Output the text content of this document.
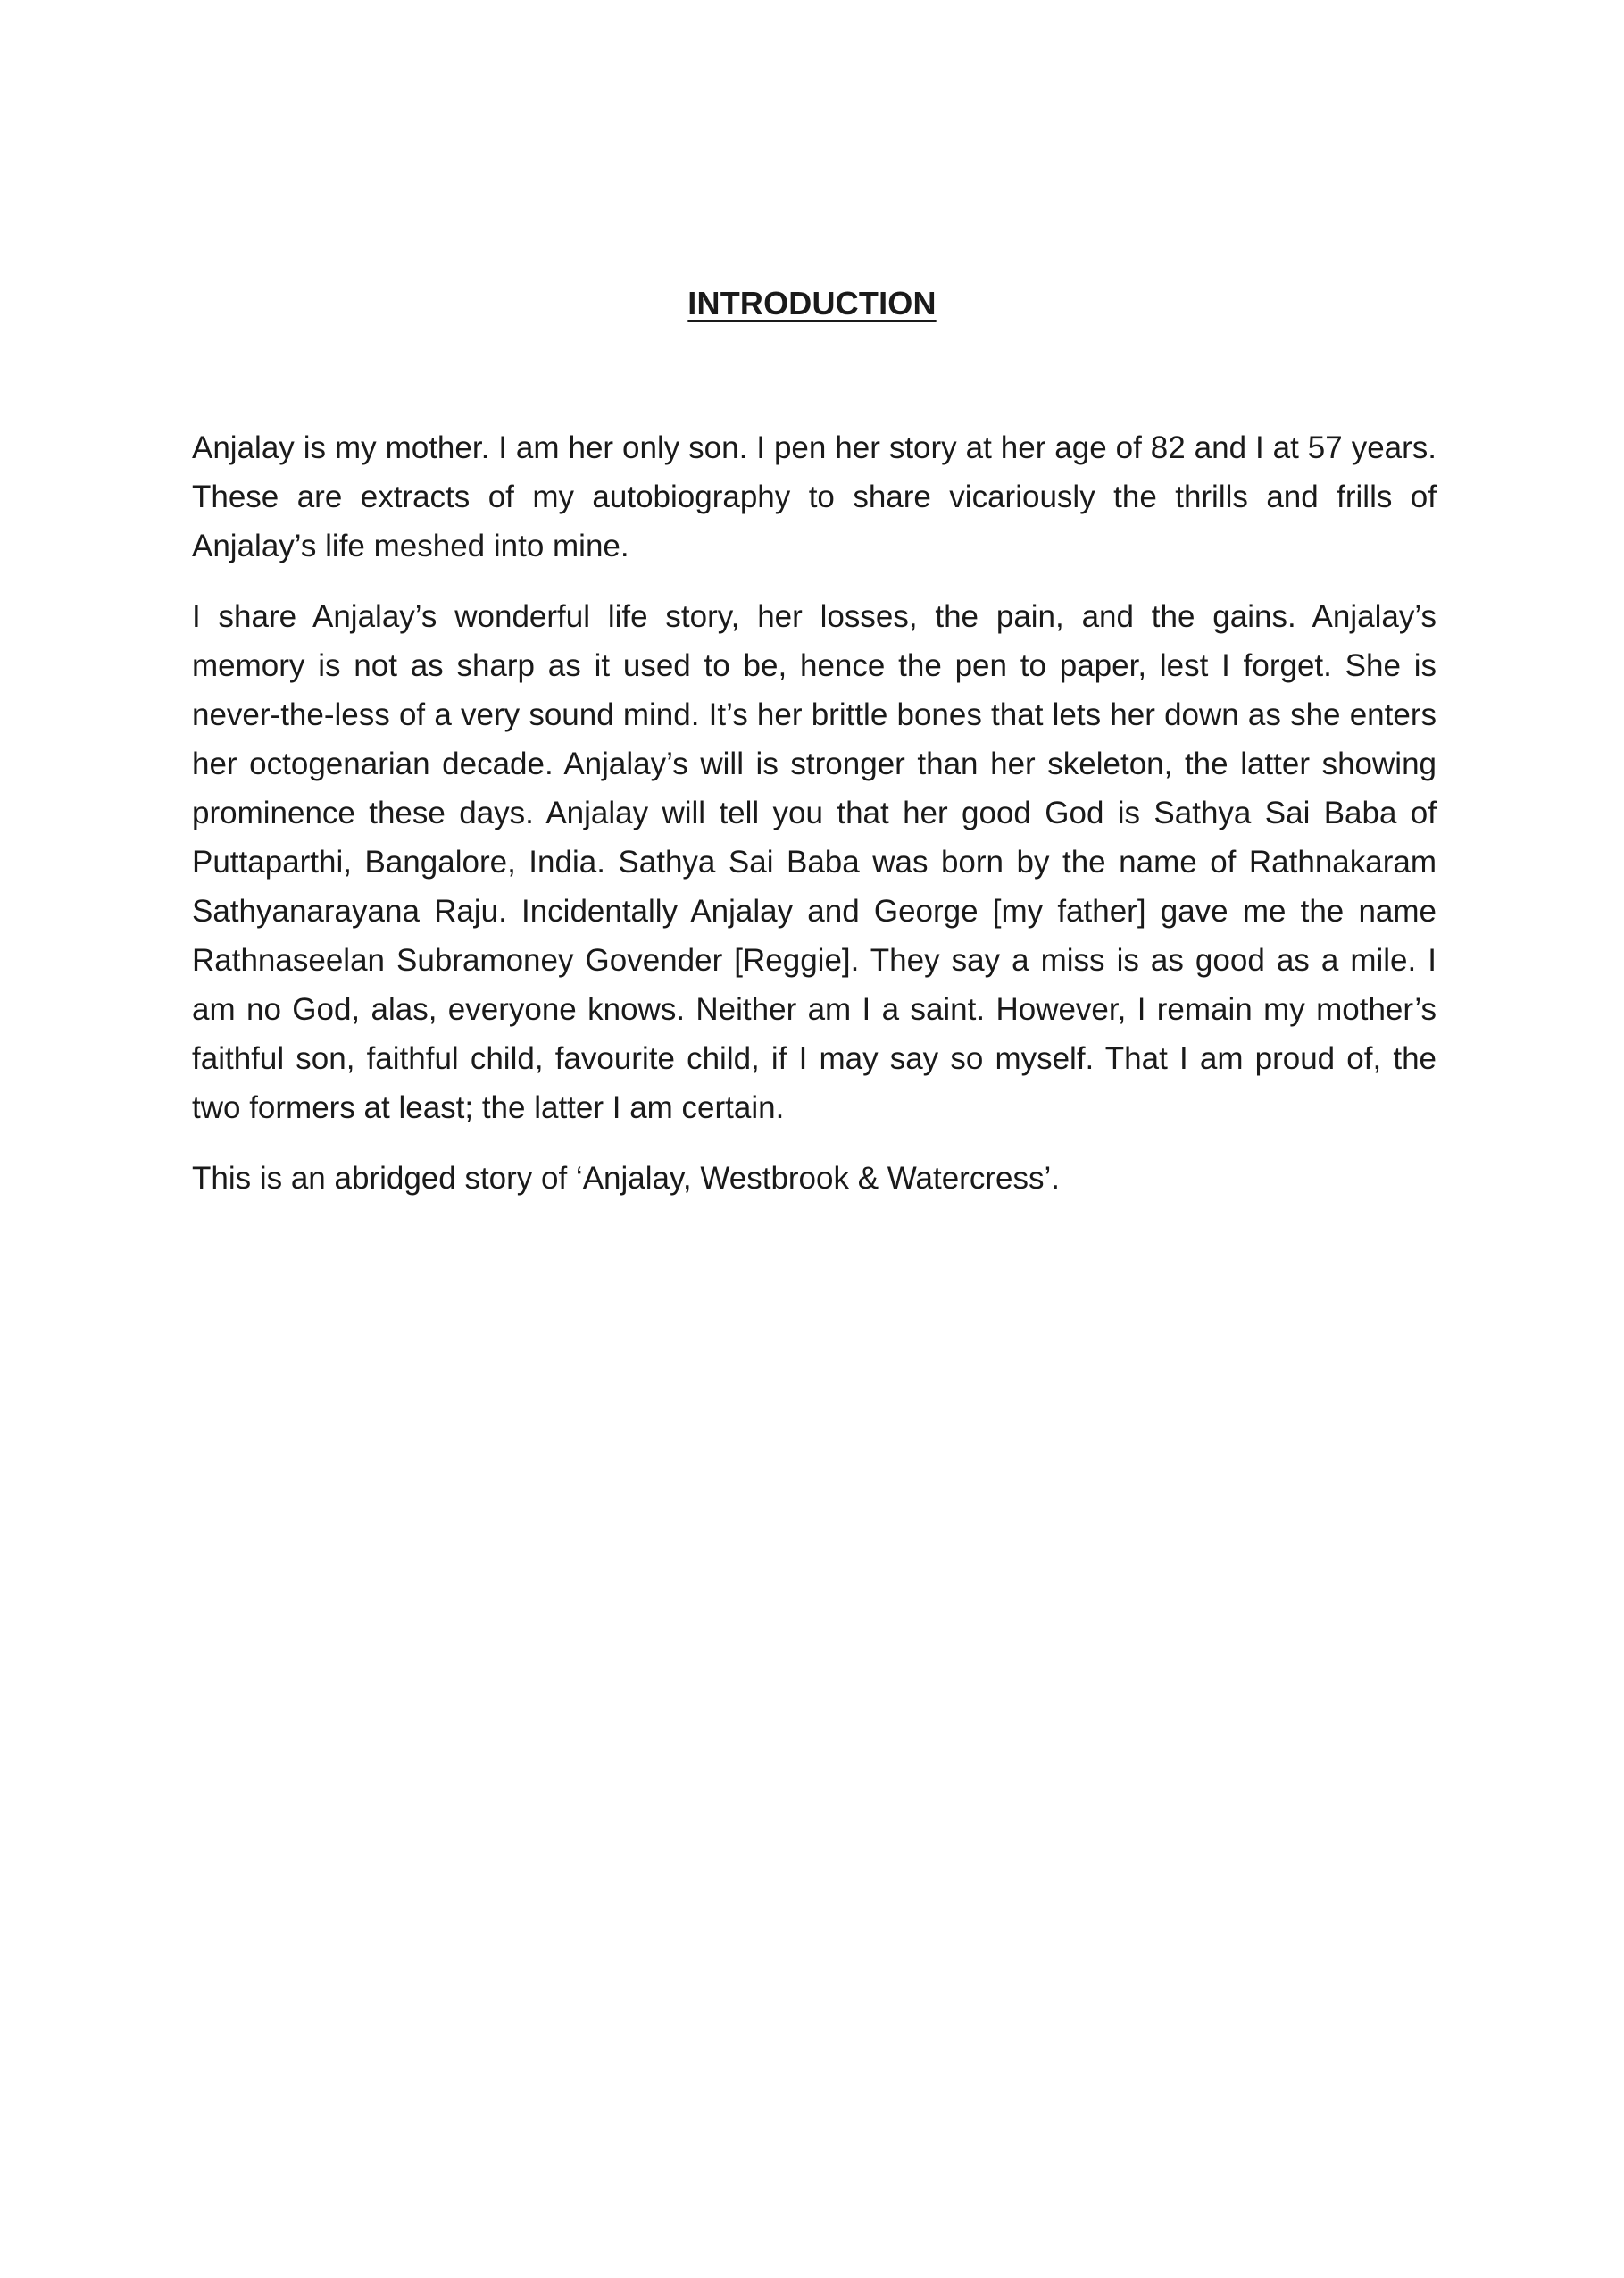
INTRODUCTION

Anjalay is my mother. I am her only son. I pen her story at her age of 82 and I at 57 years. These are extracts of my autobiography to share vicariously the thrills and frills of Anjalay’s life meshed into mine.

I share Anjalay’s wonderful life story, her losses, the pain, and the gains. Anjalay’s memory is not as sharp as it used to be, hence the pen to paper, lest I forget. She is never-the-less of a very sound mind. It’s her brittle bones that lets her down as she enters her octogenarian decade. Anjalay’s will is stronger than her skeleton, the latter showing prominence these days. Anjalay will tell you that her good God is Sathya Sai Baba of Puttaparthi, Bangalore, India. Sathya Sai Baba was born by the name of Rathnakaram Sathyanarayana Raju. Incidentally Anjalay and George [my father] gave me the name Rathnaseelan Subramoney Govender [Reggie]. They say a miss is as good as a mile. I am no God, alas, everyone knows. Neither am I a saint. However, I remain my mother’s faithful son, faithful child, favourite child, if I may say so myself. That I am proud of, the two formers at least; the latter I am certain.

This is an abridged story of ‘Anjalay, Westbrook & Watercress’.
